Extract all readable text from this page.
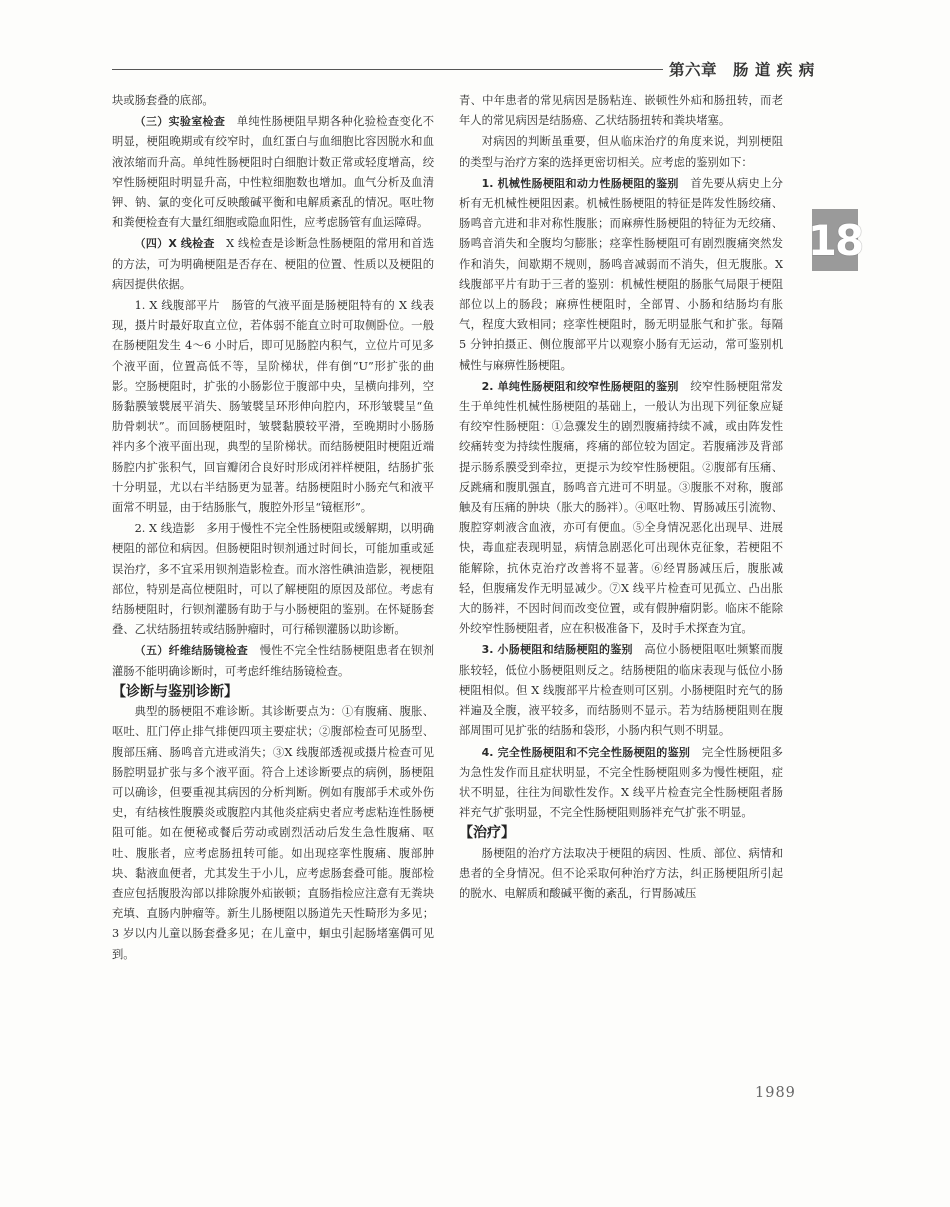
第六章　肠 道 疾 病
18

块或肠套叠的底部。

（三）实验室检查　单纯性肠梗阻早期各种化验检查变化不明显，梗阻晚期或有绞窄时，血红蛋白与血细胞比容因脱水和血液浓缩而升高。单纯性肠梗阻时白细胞计数正常或轻度增高，绞窄性肠梗阻时明显升高，中性粒细胞数也增加。血气分析及血清钾、钠、氯的变化可反映酸碱平衡和电解质紊乱的情况。呕吐物和粪便检查有大量红细胞或隐血阳性，应考虑肠管有血运障碍。

（四）X 线检查　X 线检查是诊断急性肠梗阻的常用和首选的方法，可为明确梗阻是否存在、梗阻的位置、性质以及梗阻的病因提供依据。

1. X 线腹部平片　肠管的气液平面是肠梗阻特有的 X 线表现，摄片时最好取直立位，若体弱不能直立时可取侧卧位。一般在肠梗阻发生 4～6 小时后，即可见肠腔内积气，立位片可见多个液平面，位置高低不等，呈阶梯状，伴有倒“U”形扩张的曲影。空肠梗阻时，扩张的小肠影位于腹部中央，呈横向排列，空肠黏膜皱襞展平消失、肠皱襞呈环形伸向腔内，环形皱襞呈“鱼肋骨刺状”。而回肠梗阻时，皱襞黏膜较平滑，至晚期时小肠肠袢内多个液平面出现，典型的呈阶梯状。而结肠梗阻时梗阻近端肠腔内扩张积气，回盲瓣闭合良好时形成闭袢样梗阻，结肠扩张十分明显，尤以右半结肠更为显著。结肠梗阻时小肠充气和液平面常不明显，由于结肠胀气，腹腔外形呈“镜框形”。

2. X 线造影　多用于慢性不完全性肠梗阻或缓解期，以明确梗阻的部位和病因。但肠梗阻时钡剂通过时间长，可能加重或延误治疗，多不宜采用钡剂造影检查。而水溶性碘油造影，视梗阻部位，特别是高位梗阻时，可以了解梗阻的原因及部位。考虑有结肠梗阻时，行钡剂灌肠有助于与小肠梗阻的鉴别。在怀疑肠套叠、乙状结肠扭转或结肠肿瘤时，可行稀钡灌肠以助诊断。

（五）纤维结肠镜检查　慢性不完全性结肠梗阻患者在钡剂灌肠不能明确诊断时，可考虑纤维结肠镜检查。

【诊断与鉴别诊断】

典型的肠梗阻不难诊断。其诊断要点为：①有腹痛、腹胀、呕吐、肛门停止排气排便四项主要症状；②腹部检查可见肠型、腹部压痛、肠鸣音亢进或消失；③X 线腹部透视或摄片检查可见肠腔明显扩张与多个液平面。符合上述诊断要点的病例，肠梗阻可以确诊，但要重视其病因的分析判断。例如有腹部手术或外伤史，有结核性腹膜炎或腹腔内其他炎症病史者应考虑粘连性肠梗阻可能。如在便秘或餐后劳动或剧烈活动后发生急性腹痛、呕吐、腹胀者，应考虑肠扭转可能。如出现痉挛性腹痛、腹部肿块、黏液血便者，尤其发生于小儿，应考虑肠套叠可能。腹部检查应包括腹股沟部以排除腹外疝嵌顿；直肠指检应注意有无粪块充填、直肠内肿瘤等。新生儿肠梗阻以肠道先天性畸形为多见；3 岁以内儿童以肠套叠多见；在儿童中，蛔虫引起肠堵塞偶可见到。

青、中年患者的常见病因是肠粘连、嵌顿性外疝和肠扭转，而老年人的常见病因是结肠癌、乙状结肠扭转和粪块堵塞。

对病因的判断虽重要，但从临床治疗的角度来说，判别梗阻的类型与治疗方案的选择更密切相关。应考虑的鉴别如下：

1. 机械性肠梗阻和动力性肠梗阻的鉴别　首先要从病史上分析有无机械性梗阻因素。机械性肠梗阻的特征是阵发性肠绞痛、肠鸣音亢进和非对称性腹胀；而麻痹性肠梗阻的特征为无绞痛、肠鸣音消失和全腹均匀膨胀；痉挛性肠梗阻可有剧烈腹痛突然发作和消失，间歇期不规则，肠鸣音减弱而不消失，但无腹胀。X 线腹部平片有助于三者的鉴别：机械性梗阻的肠胀气局限于梗阻部位以上的肠段；麻痹性梗阻时，全部胃、小肠和结肠均有胀气，程度大致相同；痉挛性梗阻时，肠无明显胀气和扩张。每隔 5 分钟拍摄正、侧位腹部平片以观察小肠有无运动，常可鉴别机械性与麻痹性肠梗阻。

2. 单纯性肠梗阻和绞窄性肠梗阻的鉴别　绞窄性肠梗阻常发生于单纯性机械性肠梗阻的基础上，一般认为出现下列征象应疑有绞窄性肠梗阻：①急骤发生的剧烈腹痛持续不减，或由阵发性绞痛转变为持续性腹痛，疼痛的部位较为固定。若腹痛涉及背部提示肠系膜受到牵拉，更提示为绞窄性肠梗阻。②腹部有压痛、反跳痛和腹肌强直，肠鸣音亢进可不明显。③腹胀不对称，腹部触及有压痛的肿块（胀大的肠袢）。④呕吐物、胃肠减压引流物、腹腔穿刺液含血液，亦可有便血。⑤全身情况恶化出现早、进展快，毒血症表现明显，病情急剧恶化可出现休克征象，若梗阻不能解除，抗休克治疗改善将不显著。⑥经胃肠减压后，腹胀减轻，但腹痛发作无明显减少。⑦X 线平片检查可见孤立、凸出胀大的肠袢，不因时间而改变位置，或有假肿瘤阴影。临床不能除外绞窄性肠梗阻者，应在积极准备下，及时手术探查为宜。

3. 小肠梗阻和结肠梗阻的鉴别　高位小肠梗阻呕吐频繁而腹胀较轻，低位小肠梗阻则反之。结肠梗阻的临床表现与低位小肠梗阻相似。但 X 线腹部平片检查则可区别。小肠梗阻时充气的肠袢遍及全腹，液平较多，而结肠则不显示。若为结肠梗阻则在腹部周围可见扩张的结肠和袋形，小肠内积气则不明显。

4. 完全性肠梗阻和不完全性肠梗阻的鉴别　完全性肠梗阻多为急性发作而且症状明显，不完全性肠梗阻则多为慢性梗阻，症状不明显，往往为间歇性发作。X 线平片检查完全性肠梗阻者肠袢充气扩张明显，不完全性肠梗阻则肠袢充气扩张不明显。

【治疗】

肠梗阻的治疗方法取决于梗阻的病因、性质、部位、病情和患者的全身情况。但不论采取何种治疗方法，纠正肠梗阻所引起的脱水、电解质和酸碱平衡的紊乱，行胃肠减压

1989
